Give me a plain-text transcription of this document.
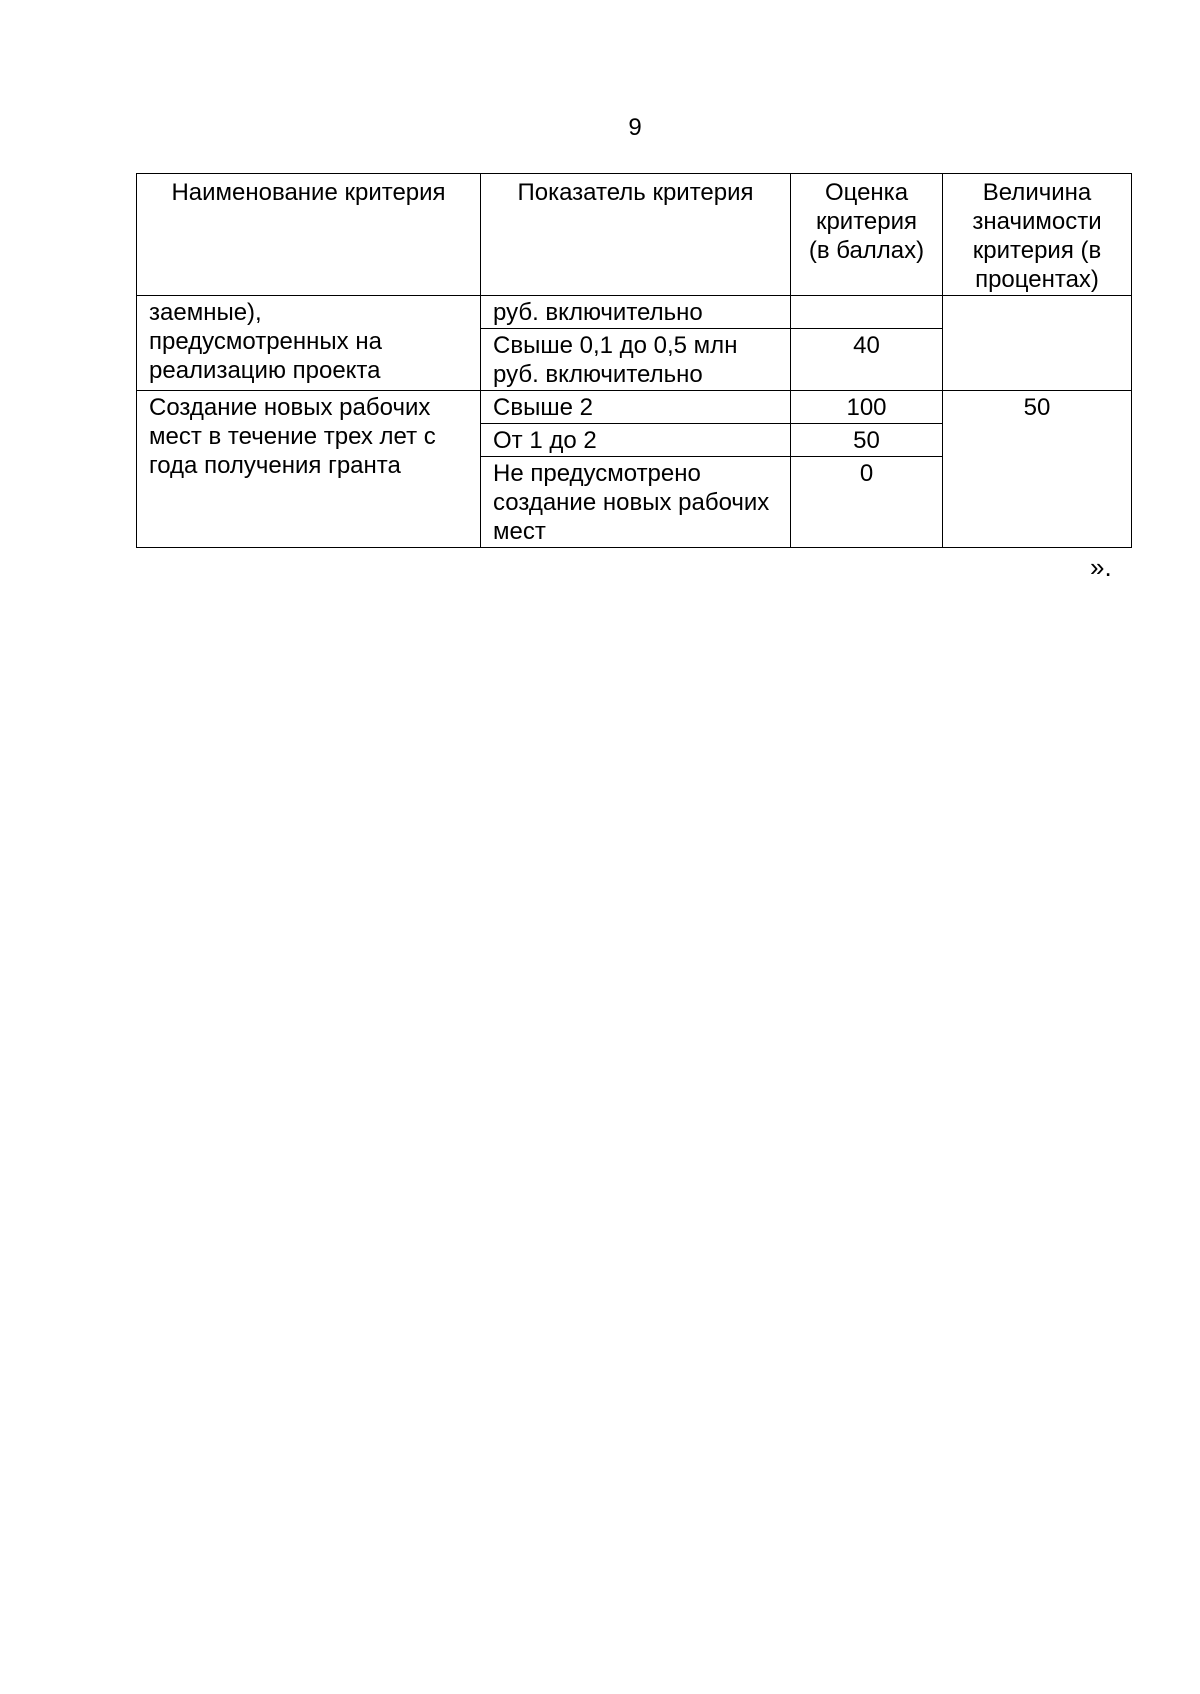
9
Наименование критерия	Показатель критерия	Оценка критерия (в баллах)	Величина значимости критерия (в процентах)
заемные), предусмотренных на реализацию проекта	руб. включительно		
	Свыше 0,1 до 0,5 млн руб. включительно	40	
Создание новых рабочих мест в течение трех лет с года получения гранта	Свыше 2	100	50
	От 1 до 2	50	
	Не предусмотрено создание новых рабочих мест	0	
».
